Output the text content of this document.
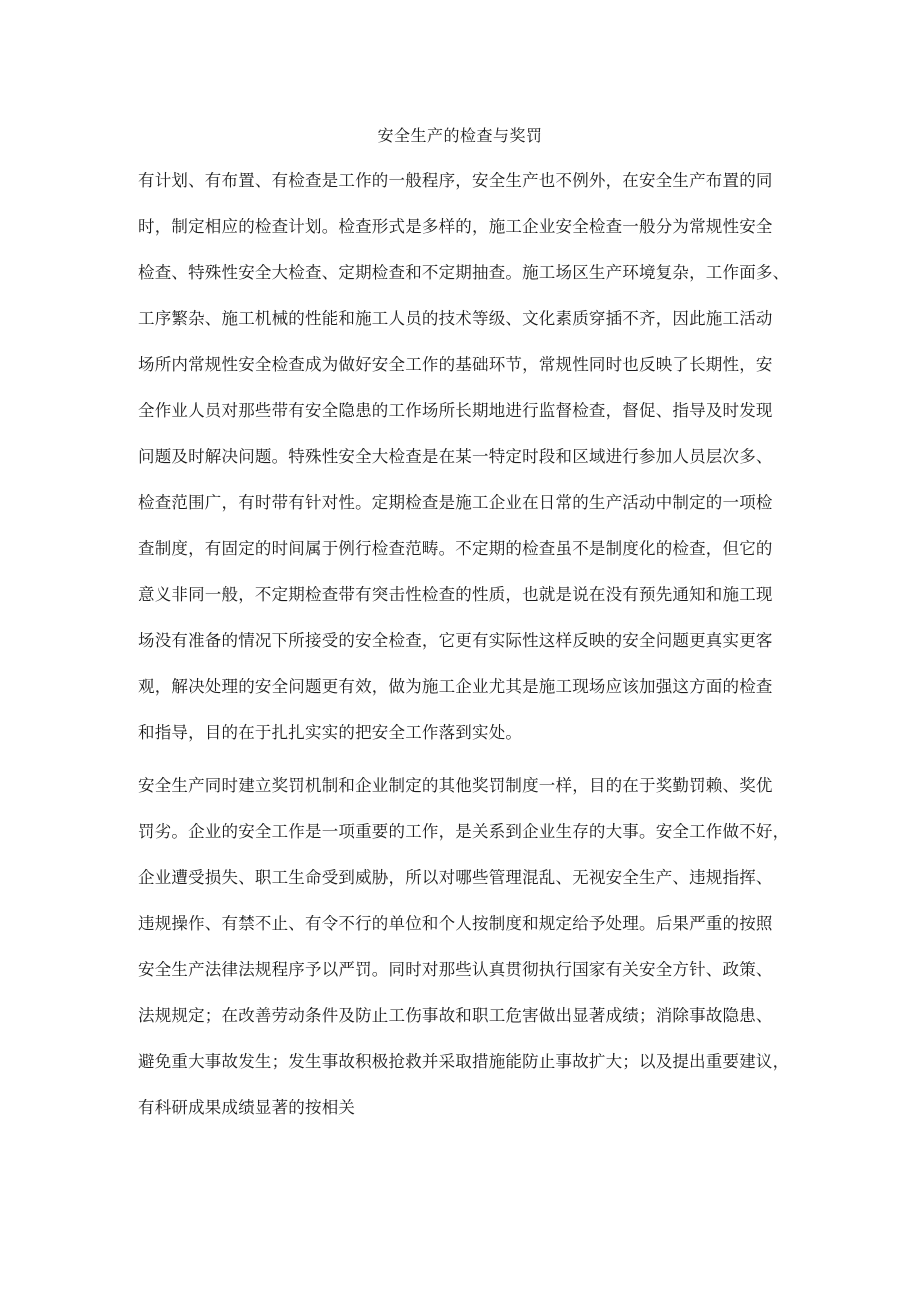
安全生产的检查与奖罚
有计划、有布置、有检查是工作的一般程序，安全生产也不例外，在安全生产布置的同
时，制定相应的检查计划。检查形式是多样的，施工企业安全检查一般分为常规性安全
检查、特殊性安全大检查、定期检查和不定期抽查。施工场区生产环境复杂，工作面多、
工序繁杂、施工机械的性能和施工人员的技术等级、文化素质穿插不齐，因此施工活动
场所内常规性安全检查成为做好安全工作的基础环节，常规性同时也反映了长期性，安
全作业人员对那些带有安全隐患的工作场所长期地进行监督检查，督促、指导及时发现
问题及时解决问题。特殊性安全大检查是在某一特定时段和区域进行参加人员层次多、
检查范围广，有时带有针对性。定期检查是施工企业在日常的生产活动中制定的一项检
查制度，有固定的时间属于例行检查范畴。不定期的检查虽不是制度化的检查，但它的
意义非同一般，不定期检查带有突击性检查的性质，也就是说在没有预先通知和施工现
场没有准备的情况下所接受的安全检查，它更有实际性这样反映的安全问题更真实更客
观，解决处理的安全问题更有效，做为施工企业尤其是施工现场应该加强这方面的检查
和指导，目的在于扎扎实实的把安全工作落到实处。
安全生产同时建立奖罚机制和企业制定的其他奖罚制度一样，目的在于奖勤罚赖、奖优
罚劣。企业的安全工作是一项重要的工作，是关系到企业生存的大事。安全工作做不好，
企业遭受损失、职工生命受到威胁，所以对哪些管理混乱、无视安全生产、违规指挥、
违规操作、有禁不止、有令不行的单位和个人按制度和规定给予处理。后果严重的按照
安全生产法律法规程序予以严罚。同时对那些认真贯彻执行国家有关安全方针、政策、
法规规定；在改善劳动条件及防止工伤事故和职工危害做出显著成绩；消除事故隐患、
避免重大事故发生；发生事故积极抢救并采取措施能防止事故扩大；以及提出重要建议，
有科研成果成绩显著的按相关
